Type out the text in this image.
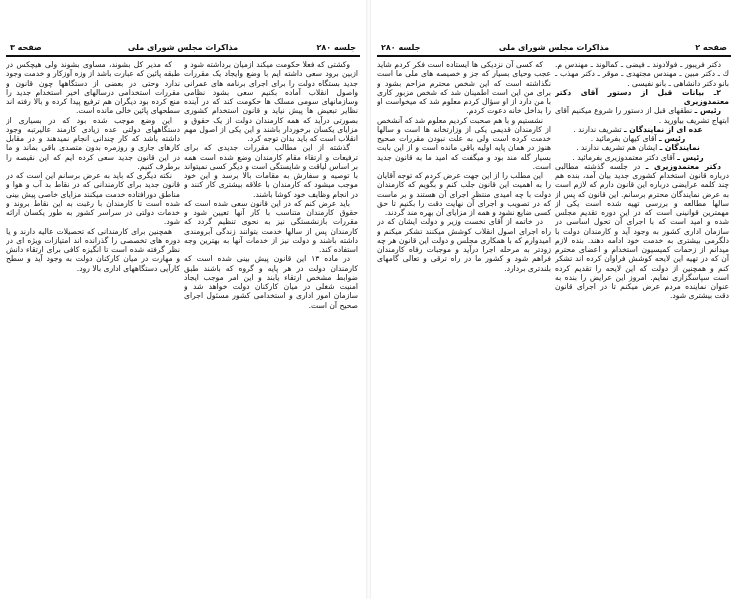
جلسه ۲۸۰
مذاکرات مجلس شورای ملی
صفحه ۳

وکشتی که فعلا حکومت میکند ازمیان برداشته شود و ازبین برود سعی داشته ایم با وضع وایجاد یک مقررات جدید بستگاه دولت را برای اجرای برنامه های عمرانی واصول انقلاب آماده بکنیم سعی بشود نظامی وسازمانهای سومی مسلک ها حکومت کند که در آینده نظایر تبعیض ها پیش نیاید و قانون استخدام کشوری بصورتی درآید که همه کارمندان دولت از یک حقوق و مزایای یکسان برخوردار باشند و این یکی از اصول مهم انقلاب است که باید بدان توجه کرد.

گذشته از این مطالب مقررات جدیدی که برای ترفیعات و ارتقاء مقام کارمندان وضع شده است همه بر اساس لیاقت و شایستگی است و دیگر کسی نمیتواند با توصیه و سفارش به مقامات بالا برسد و این خود موجب میشود که کارمندان با علاقه بیشتری کار کنند و در انجام وظایف خود کوشا باشند.

باید عرض کنم که در این قانون سعی شده است که حقوق کارمندان متناسب با کار آنها تعیین شود و مقررات بازنشستگی نیز به نحوی تنظیم گردد که کارمندان پس از سالها خدمت بتوانند زندگی آبرومندی داشته باشند و دولت نیز از خدمات آنها به بهترین وجه استفاده کند.

در ماده ۱۳ این قانون پیش بینی شده است که کارمندان دولت در هر پایه و گروه که باشند طبق ضوابط مشخص ارتقاء یابند و این امر موجب ایجاد امنیت شغلی در میان کارکنان دولت خواهد شد و سازمان امور اداری و استخدامی کشور مسئول اجرای صحیح آن است.

که مدیر کل بشوند، مساوی بشوند ولی هیچکس در طبقه پائین که عبارت باشد از وزه آوزکار و خدمت وجود ندارد وحتی در بعضی از دستگاهها چون قانون و مقررات استخدامی درسالهای اخیر استخدام جدید را منع کرده بود دیگران هم ترفیع پیدا کرده و بالا رفته اند سطحهای پائین خالی مانده است.

این وضع موجب شده بود که در بسیاری از دستگاههای دولتی عده زیادی کارمند عالیرتبه وجود داشته باشد که کار چندانی انجام نمیدهند و در مقابل کارهای جاری و روزمره بدون متصدی باقی بماند و ما در این قانون جدید سعی کرده ایم که این نقیصه را برطرف کنیم.

نکته دیگری که باید به عرض برسانم این است که در قانون جدید برای کارمندانی که در نقاط بد آب و هوا و مناطق دورافتاده خدمت میکنند مزایای خاصی پیش بینی شده است تا کارمندان با رغبت به این نقاط بروند و خدمات دولتی در سراسر کشور به طور یکسان ارائه شود.

همچنین برای کارمندانی که تحصیلات عالیه دارند و یا دوره های تخصصی را گذرانده اند امتیازات ویژه ای در نظر گرفته شده است تا انگیزه کافی برای ارتقاء دانش و مهارت در میان کارکنان دولت به وجود آید و سطح کارآیی دستگاههای اداری بالا رود.

صفحه ۲
مذاکرات مجلس شورای ملی
جلسه ۲۸۰

دکتر فریبور ـ فولادوند ـ فیضی ـ کمالوند ـ مهندس م. ك ـ دکتر مبین ـ مهندس مجتهدی ـ موقر ـ دکتر مهذب ـ بانو دکتر دانشاهی ـ بانو نفیسی .

۲ـ بیانات قبل از دستور آقای دکتر معتمدوزیری

رئیس ـ نطقهای قبل از دستور را شروع میکنیم آقای ابتهاج تشریف بیاورید .

عده ای از نمایندگان ـ تشریف ندارند .

رئیس ـ آقای کیهان بفرمائید .

نمایندگان ـ ایشان هم تشریف ندارند .

رئیس ـ آقای دکتر معتمدوزیری بفرمائید .

دکتر معتمدوزیری ـ در جلسه گذشته مطالبی درباره قانون استخدام کشوری جدید بیان آمد، بنده هم چند کلمه عرایضی درباره این قانون دارم که لازم است به عرض نمایندگان محترم برسانم. این قانون که پس از سالها مطالعه و بررسی تهیه شده است یکی از مهمترین قوانینی است که در این دوره تقدیم مجلس شده و امید است که با اجرای آن تحول اساسی در سازمان اداری کشور به وجود آید و کارمندان دولت با دلگرمی بیشتری به خدمت خود ادامه دهند. بنده لازم میدانم از زحمات کمیسیون استخدام و اعضای محترم آن که در تهیه این لایحه کوشش فراوان کرده اند تشکر کنم و همچنین از دولت که این لایحه را تقدیم کرده است سپاسگزاری نمایم. امروز این عرایض را بنده به عنوان نماینده مردم عرض میکنم تا در اجرای قانون دقت بیشتری شود.

که کسی آن نزدیکی ها ایستاده است فکر کردم شاید عجب وحیای بسیار که جز و خصیصه های ملی ما است نگذاشته است که این شخص محترم مزاحم بشود و برای من این است اطمینان شد که شخص مزبور کاری با من دارد از او سؤال کردم معلوم شد که میخواست او را بداخل خانه دعوت کردم.

نشستیم و با هم صحبت کردیم معلوم شد که آنشخص از کارمندان قدیمی یکی از وزارتخانه ها است و سالها خدمت کرده است ولی به علت نبودن مقررات صحیح هنوز در همان پایه اولیه باقی مانده است و از این بابت بسیار گله مند بود و میگفت که امید ما به قانون جدید است.

این مطلب را از این جهت عرض کردم که توجه آقایان را به اهمیت این قانون جلب کنم و بگویم که کارمندان دولت با چه امیدی منتظر اجرای آن هستند و بر ماست که در تصویب و اجرای آن نهایت دقت را بکنیم تا حق کسی ضایع نشود و همه از مزایای آن بهره مند گردند.

در خاتمه از آقای نخست وزیر و دولت ایشان که در راه اجرای اصول انقلاب کوشش میکنند تشکر میکنم و امیدوارم که با همکاری مجلس و دولت این قانون هر چه زودتر به مرحله اجرا درآید و موجبات رفاه کارمندان فراهم شود و کشور ما در راه ترقی و تعالی گامهای بلندتری بردارد.
